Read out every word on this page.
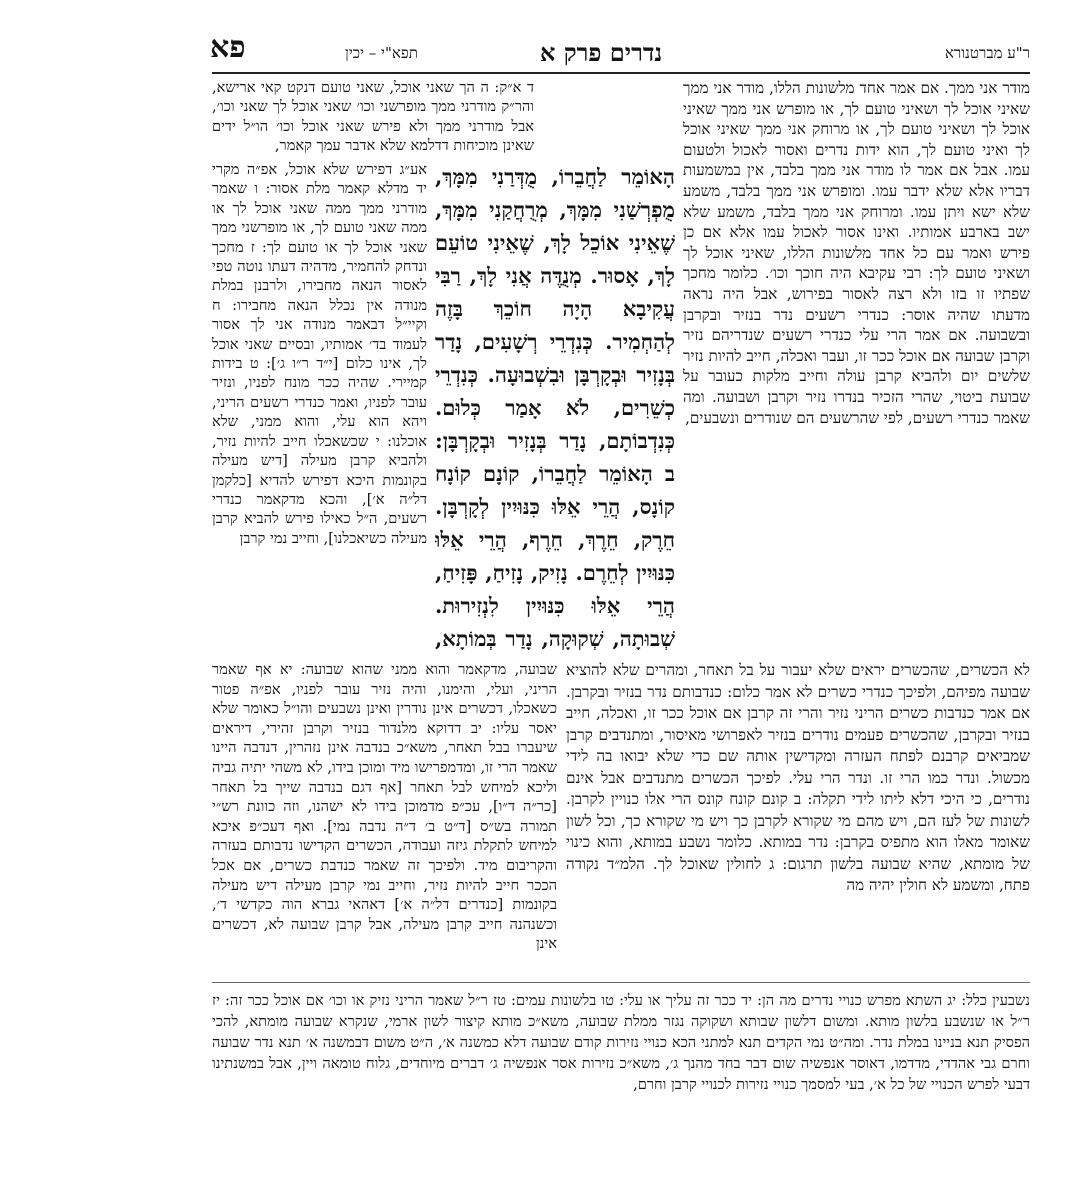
פא	תפא"י – יכין	נדרים פרק א	ר"ע מברטנורא

מודר אני ממך. אם אמר אחד מלשונות הללו, מודר אני ממך שאיני אוכל לך ושאיני טועם לך, או מופרש אני ממך שאיני אוכל לך ושאיני טועם לך, או מרוחק אני ממך שאיני אוכל לך ואיני טועם לך, הוא ידות נדרים ואסור לאכול ולטעום עמו. אבל אם אמר לו מודר אני ממך בלבד, אין במשמעות דבריו אלא שלא ידבר עמו. ומופרש אני ממך בלבד, משמע שלא ישא ויתן עמו. ומרוחק אני ממך בלבד, משמע שלא ישב בארבע אמותיו. ואינו אסור לאכול עמו אלא אם כן פירש ואמר עם כל אחד מלשונות הללו, שאיני אוכל לך ושאיני טועם לך: רבי עקיבא היה חוכך וכו׳. כלומר מחכך שפתיו זו בזו ולא רצה לאסור בפירוש, אבל היה נראה מדעתו שהיה אוסר: כנדרי רשעים נדר בנזיר ובקרבן ובשבועה. אם אמר הרי עלי כנדרי רשעים שנדריהם נזיר וקרבן שבועה אם אוכל ככר זו, ועבר ואכלה, חייב להיות נזיר שלשים יום ולהביא קרבן עולה וחייב מלקות כעובר על שבועת ביטוי, שהרי הזכיר בנדרו נזיר וקרבן ושבועה. ומה שאמר כנדרי רשעים, לפי שהרשעים הם שנודרים ונשבעים,

ד א״ק: ה הך שאני אוכל, שאני טועם דנקט קאי ארישא, והר״ק מודרני ממך מופרשני וכו׳ שאני אוכל לך שאני וכו׳, אבל מודרני ממך ולא פירש שאני אוכל וכו׳ הו״ל ידים שאינן מוכיחות דדלמא שלא אדבר עמך קאמר,

הָאוֹמֵר לַחֲבֵרוֹ, מֻדְּרַנִי מִמָּךְ, מֻפְרְשַׁנִי מִמָּךְ, מְרֻחֲקַנִי מִמָּךְ, שֶׁאֵינִי אוֹכֵל לָךְ, שֶׁאֵינִי טוֹעֵם לָךְ, אָסוּר. מְנֻדֶּה אֲנִי לָךְ, רַבִּי עֲקִיבָא הָיָה חוֹכֵךְ בָּזֶה לְהַחְמִיר. כְּנִדְרֵי רְשָׁעִים, נָדַר בְּנָזִיר וּבְקָרְבָּן וּבִשְׁבוּעָה. כְּנִדְרֵי כְשֵׁרִים, לֹא אָמַר כְּלוּם. כְּנִדְבוֹתָם, נָדַר בְּנָזִיר וּבְקָרְבָּן: ב הָאוֹמֵר לַחֲבֵרוֹ, קוֹנָם קוֹנָח קוֹנָס, הֲרֵי אֵלּוּ כִּנּוּיִין לְקָרְבָּן. חֵרֶק, חֵרֶךְ, חֵרֶף, הֲרֵי אֵלּוּ כִּנּוּיִין לְחֵרֶם. נָזִיק, נָזִיחַ, פָּזִיחַ, הֲרֵי אֵלּוּ כִּנּוּיִין לִנְזִירוּת. שְׁבוּתָה, שְׁקוּקָה, נָדַר בְּמוֹתָא,

אע״ג דפירש שלא אוכל, אפ״ה מקרי יד מדלא קאמר מלת אסור: ו שאמר מודרני ממך ממה שאני אוכל לך או ממה שאני טועם לך, או מופרשני ממך שאני אוכל לך או טועם לך: ז מחכך ונדחק להחמיר, מדהיה דעתו נוטה טפי לאסור הנאה מחבירו, ולרבנן במלת מנודה אין נכלל הנאה מחבירו: ח וקיי״ל דבאמר מנודה אני לך אסור לעמוד בד׳ אמותיו, ובסיים שאני אוכל לך, אינו כלום [י״ד ר״ו ג׳]: ט בידות קמיירי. שהיה ככר מונח לפניו, ונזיר עובר לפניו, ואמר כנדרי רשעים הריני, ויהא הוא עלי, והוא ממני, שלא אוכלנו: י שכשאכלו חייב להיות נזיר, ולהביא קרבן מעילה [דיש מעילה בקונמות היכא דפירש להדיא [כלקמן דל״ה א׳], והכא מדקאמר כנדרי רשעים, ה״ל כאילו פירש להביא קרבן מעילה כשיאכלנו], וחייב נמי קרבן

לא הכשרים, שהכשרים יראים שלא יעבור על בל תאחר, ומהרים שלא להוציא שבועה מפיהם, ולפיכך כנדרי כשרים לא אמר כלום: כנדבותם נדר בנזיר ובקרבן. אם אמר כנדבות כשרים הריני נזיר והרי זה קרבן אם אוכל ככר זו, ואכלה, חייב בנזיר ובקרבן, שהכשרים פעמים נודרים בנזיר לאפרושי מאיסור, ומתנדבים קרבן שמביאים קרבנם לפתח העזרה ומקדישין אותה שם כדי שלא יבואו בה לידי מכשול. ונדר כמו הרי זו. ונדר הרי עלי. לפיכך הכשרים מתנדבים אבל אינם נודרים, כי היכי דלא ליתו לידי תקלה: ב קונם קונח קונס הרי אלו כנויין לקרבן. לשונות של לעז הם, ויש מהם מי שקורא לקרבן כך ויש מי שקורא כך, וכל לשון שאומר מאלו הוא מתפיס בקרבן: נדר במותא. כלומר נשבע במותא, והוא כינוי של מומתא, שהיא שבועה בלשון תרגום: ג לחולין שאוכל לך. הלמ״ד נקודה פתח, ומשמע לא חולין יהיה מה

שבועה, מדקאמר והוא ממני שהוא שבועה: יא אף שאמר הריני, ועלי, והימנו, והיה נזיר עובר לפניו, אפ״ה פטור כשאכלו, דכשרים אינן נודרין ואינן נשבעים והו״ל כאומר שלא יאסר עליו: יב דדוקא מלנדור בנזיר וקרבן זהירי, דיראים שיעברו בבל תאחר, משא״כ בנדבה אינן נזהרין, דנדבה היינו שאמר הרי זו, ומדמפרישו מיד ומוכן בידו, לא משהי יתיה גביה וליכא למיחש לבל תאחר [אף דגם בנדבה שייך בל תאחר [כר״ה ד״ו], עכ״פ מדמוכן בידו לא ישהנו, וזה כוונת רש״י תמורה בש״ס [ד״ט ב׳ ד״ה נדבה נמי]. ואף דעכ״פ איכא למיחש לתקלת גיזה ועבודה, הכשרים הקדישו נדבותם בעזרה והקריבום מיד. ולפיכך זה שאמר כנדבת כשרים, אם אכל הככר חייב להיות נזיר, וחייב נמי קרבן מעילה דיש מעילה בקונמות [כנדרים דל״ה א׳] דאהאי גברא הוה כקדשי ד׳, וכשנהנה חייב קרבן מעילה, אבל קרבן שבועה לא, דכשרים אינן

נשבעין כלל: יג השתא מפרש כנויי נדרים מה הן: יד ככר זה עליך או עלי: טו בלשונות עמים: טז ר״ל שאמר הריני נזיק או וכו׳ אם אוכל ככר זה: יז ר״ל או שנשבע בלשון מותא. ומשום דלשון שבותא ושקוקה נגזר ממלת שבועה, משא״כ מותא קיצור לשון ארמי, שנקרא שבועה מומתא, להכי הפסיק תנא בניינו במלת נדר. ומה״ט נמי הקדים תנא למתני הכא כנויי נזירות קודם שבועה דלא כמשנה א׳, ה״ט משום דבמשנה א׳ תנא נדר שבועה וחרם גבי אהדדי, מדדמו, דאוסר אנפשיה שום דבר בחד מהנך ג׳, משא״כ נזירות אסר אנפשיה ג׳ דברים מיוחדים, גלוח טומאה ויין, אבל במשנתינו דבעי לפרש הכנויי של כל א׳, בעי למסמך כנויי נזירות לכנויי קרבן וחרם,
